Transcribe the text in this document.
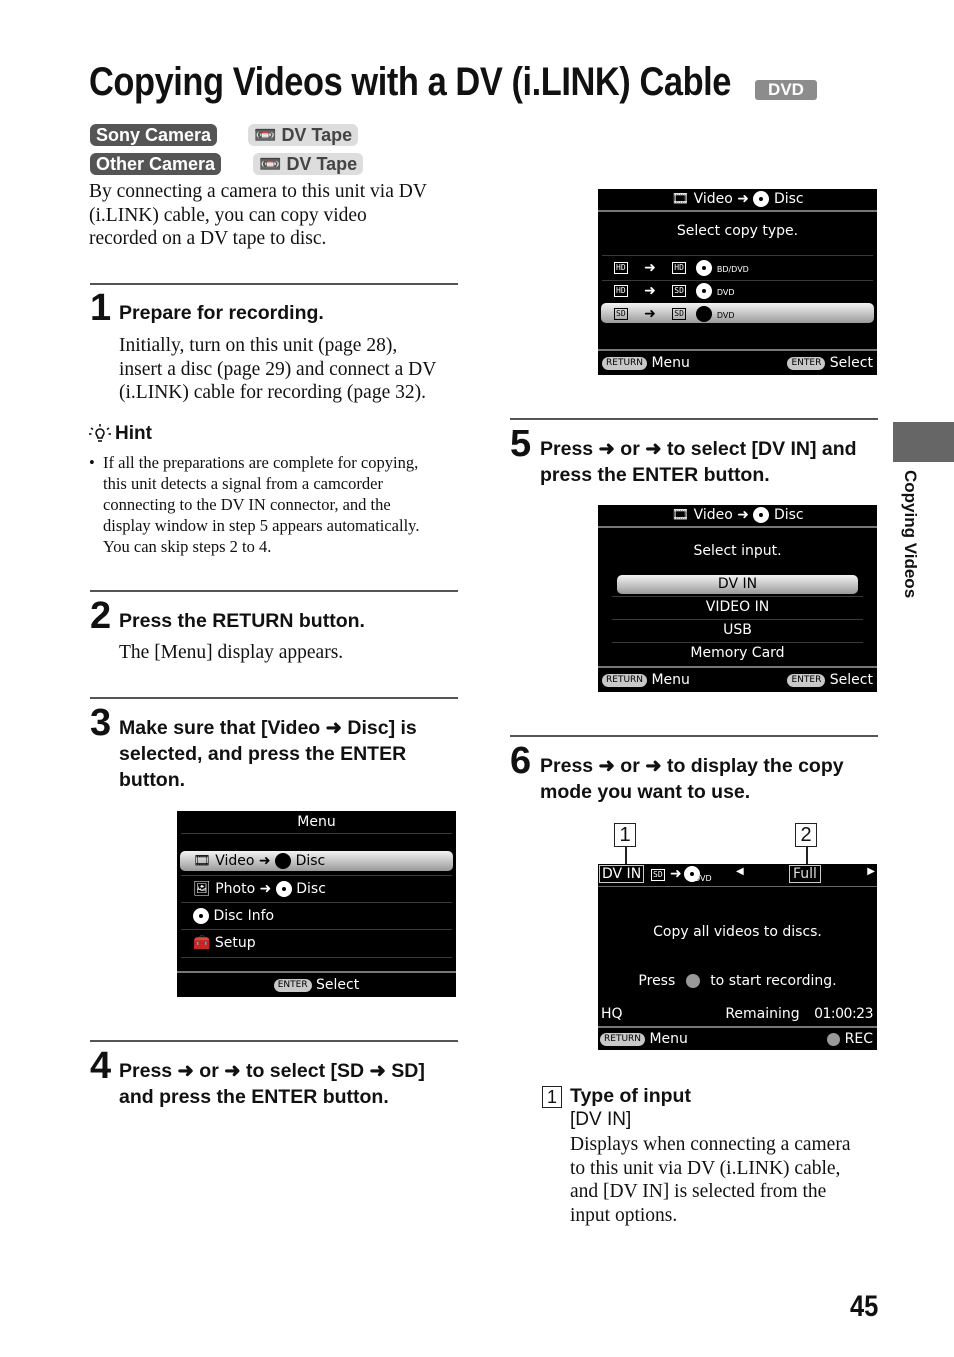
Copying Videos with a DV (i.LINK) Cable	DVD
Sony Camera	📼 DV Tape
Other Camera	📼 DV Tape
By connecting a camera to this unit via DV
(i.LINK) cable, you can copy video
recorded on a DV tape to disc.
1 Prepare for recording.
Initially, turn on this unit (page 28),
insert a disc (page 29) and connect a DV
(i.LINK) cable for recording (page 32).
Hint
• If all the preparations are complete for copying,
this unit detects a signal from a camcorder
connecting to the DV IN connector, and the
display window in step 5 appears automatically.
You can skip steps 2 to 4.
2 Press the RETURN button.
The [Menu] display appears.
3 Make sure that [Video ➜ Disc] is
selected, and press the ENTER
button.
Menu
🎞 Video ➜ Disc
🖼 Photo ➜ Disc
Disc Info
🧰 Setup
ENTER Select
4 Press ➜ or ➜ to select [SD ➜ SD]
and press the ENTER button.
🎞 Video ➜ Disc
Select copy type.
HD ➜ HD	BD/DVD
HD ➜ SD	DVD
SD ➜ SD	DVD
RETURN Menu	ENTER Select
5 Press ➜ or ➜ to select [DV IN] and
press the ENTER button.
🎞 Video ➜ Disc
Select input.
DV IN
VIDEO IN
USB
Memory Card
RETURN Menu	ENTER Select
6 Press ➜ or ➜ to display the copy
mode you want to use.
1	2
DV IN	SD ➜ DVD
◀	Full	▶
Copy all videos to discs.
Press to start recording.
HQ	Remaining 01:00:23
RETURN Menu	REC
1 Type of input
[DV IN]
Displays when connecting a camera
to this unit via DV (i.LINK) cable,
and [DV IN] is selected from the
input options.
Copying Videos
45
